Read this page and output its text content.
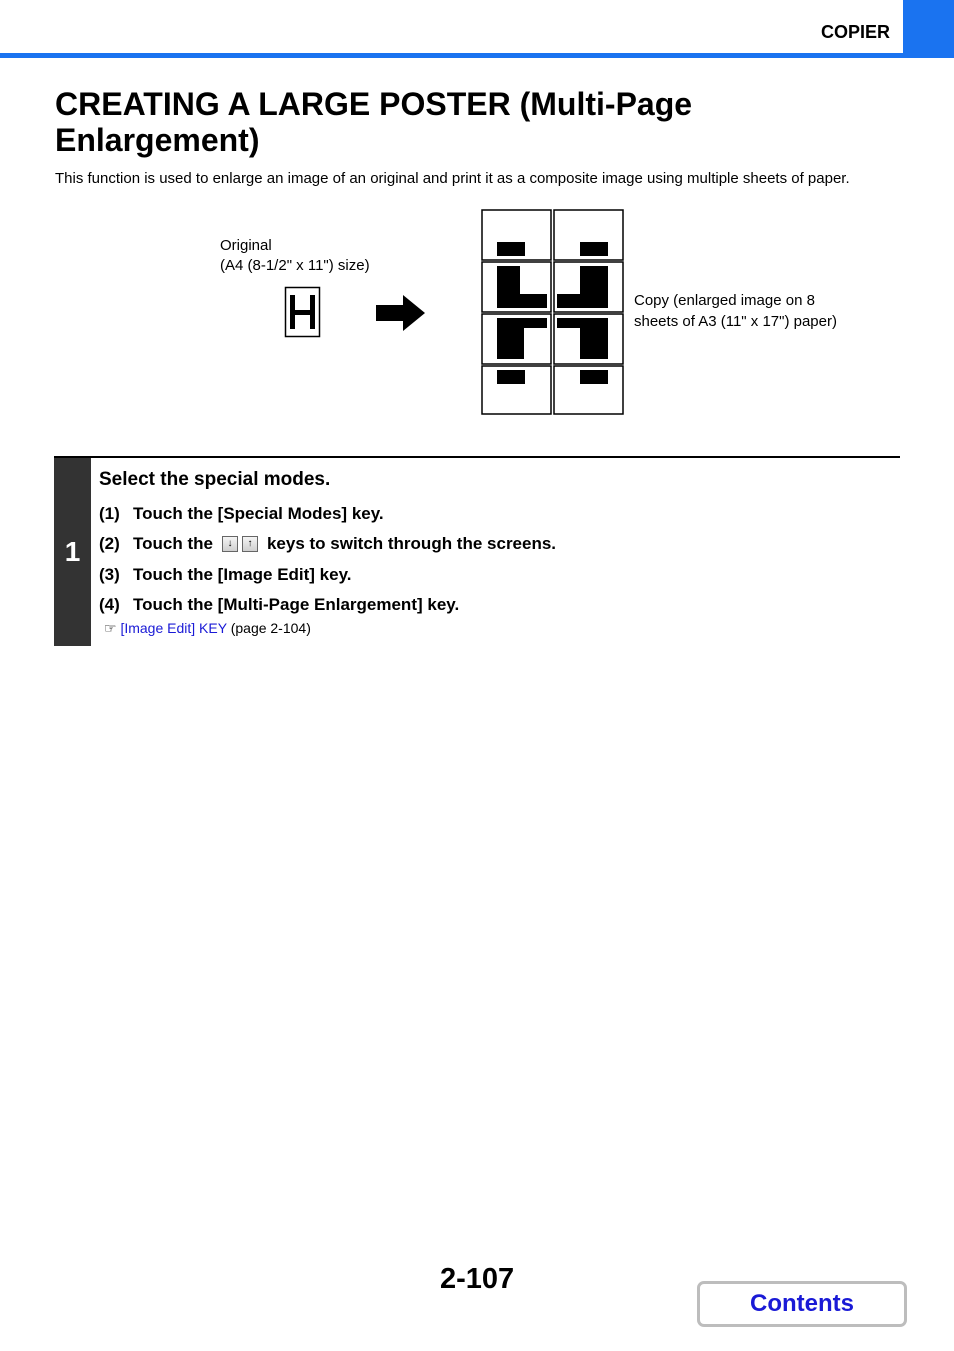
COPIER
CREATING A LARGE POSTER (Multi-Page Enlargement)

This function is used to enlarge an image of an original and print it as a composite image using multiple sheets of paper.

Original
(A4 (8-1/2" x 11") size)
Copy (enlarged image on 8
sheets of A3 (11" x 17") paper)
1
Select the special modes.
(1) Touch the [Special Modes] key.
(2) Touch the	↓	↑ keys to switch through the screens.
(3) Touch the [Image Edit] key.
(4) Touch the [Multi-Page Enlargement] key.
☞ [Image Edit] KEY (page 2-104)
2-107
Contents
